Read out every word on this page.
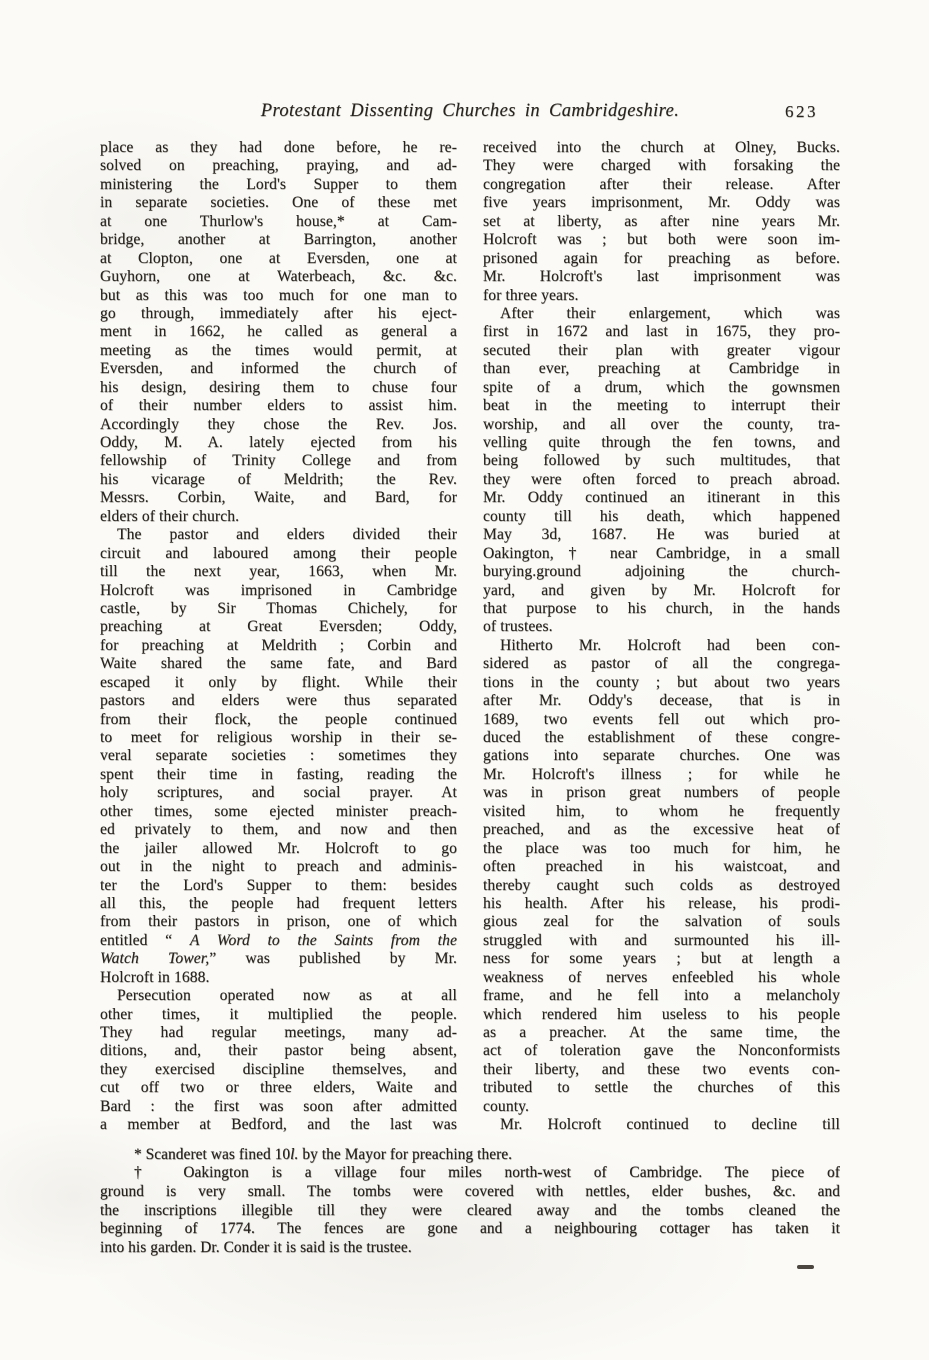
Protestant Dissenting Churches in Cambridgeshire.	623
place as they had done before, he re-
solved on preaching, praying, and ad-
ministering the Lord's Supper to them
in separate societies. One of these met
at one Thurlow's house,* at Cam-
bridge, another at Barrington, another
at Clopton, one at Eversden, one at
Guyhorn, one at Waterbeach, &c. &c.
but as this was too much for one man to
go through, immediately after his eject-
ment in 1662, he called as general a
meeting as the times would permit, at
Eversden, and informed the church of
his design, desiring them to chuse four
of their number elders to assist him.
Accordingly they chose the Rev. Jos.
Oddy, M. A. lately ejected from his
fellowship of Trinity College and from
his vicarage of Meldrith; the Rev.
Messrs. Corbin, Waite, and Bard, for
elders of their church.
The pastor and elders divided their
circuit and laboured among their people
till the next year, 1663, when Mr.
Holcroft was imprisoned in Cambridge
castle, by Sir Thomas Chichely, for
preaching at Great Eversden; Oddy,
for preaching at Meldrith ; Corbin and
Waite shared the same fate, and Bard
escaped it only by flight. While their
pastors and elders were thus separated
from their flock, the people continued
to meet for religious worship in their se-
veral separate societies : sometimes they
spent their time in fasting, reading the
holy scriptures, and social prayer. At
other times, some ejected minister preach-
ed privately to them, and now and then
the jailer allowed Mr. Holcroft to go
out in the night to preach and adminis-
ter the Lord's Supper to them: besides
all this, the people had frequent letters
from their pastors in prison, one of which
entitled “ A Word to the Saints from the
Watch Tower,” was published by Mr.
Holcroft in 1688.
Persecution operated now as at all
other times, it multiplied the people.
They had regular meetings, many ad-
ditions, and, their pastor being absent,
they exercised discipline themselves, and
cut off two or three elders, Waite and
Bard : the first was soon after admitted
a member at Bedford, and the last was
received into the church at Olney, Bucks.
They were charged with forsaking the
congregation after their release. After
five years imprisonment, Mr. Oddy was
set at liberty, as after nine years Mr.
Holcroft was ; but both were soon im-
prisoned again for preaching as before.
Mr. Holcroft's last imprisonment was
for three years.
After their enlargement, which was
first in 1672 and last in 1675, they pro-
secuted their plan with greater vigour
than ever, preaching at Cambridge in
spite of a drum, which the gownsmen
beat in the meeting to interrupt their
worship, and all over the county, tra-
velling quite through the fen towns, and
being followed by such multitudes, that
they were often forced to preach abroad.
Mr. Oddy continued an itinerant in this
county till his death, which happened
May 3d, 1687. He was buried at
Oakington,† near Cambridge, in a small
burying.ground adjoining the church-
yard, and given by Mr. Holcroft for
that purpose to his church, in the hands
of trustees.
Hitherto Mr. Holcroft had been con-
sidered as pastor of all the congrega-
tions in the county ; but about two years
after Mr. Oddy's decease, that is in
1689, two events fell out which pro-
duced the establishment of these congre-
gations into separate churches. One was
Mr. Holcroft's illness ; for while he
was in prison great numbers of people
visited him, to whom he frequently
preached, and as the excessive heat of
the place was too much for him, he
often preached in his waistcoat, and
thereby caught such colds as destroyed
his health. After his release, his prodi-
gious zeal for the salvation of souls
struggled with and surmounted his ill-
ness for some years ; but at length a
weakness of nerves enfeebled his whole
frame, and he fell into a melancholy
which rendered him useless to his people
as a preacher. At the same time, the
act of toleration gave the Nonconformists
their liberty, and these two events con-
tributed to settle the churches of this
county.
Mr. Holcroft continued to decline till
* Scanderet was fined 10l. by the Mayor for preaching there.
† Oakington is a village four miles north-west of Cambridge. The piece of
ground is very small. The tombs were covered with nettles, elder bushes, &c. and
the inscriptions illegible till they were cleared away and the tombs cleaned the
beginning of 1774. The fences are gone and a neighbouring cottager has taken it
into his garden. Dr. Conder it is said is the trustee.
